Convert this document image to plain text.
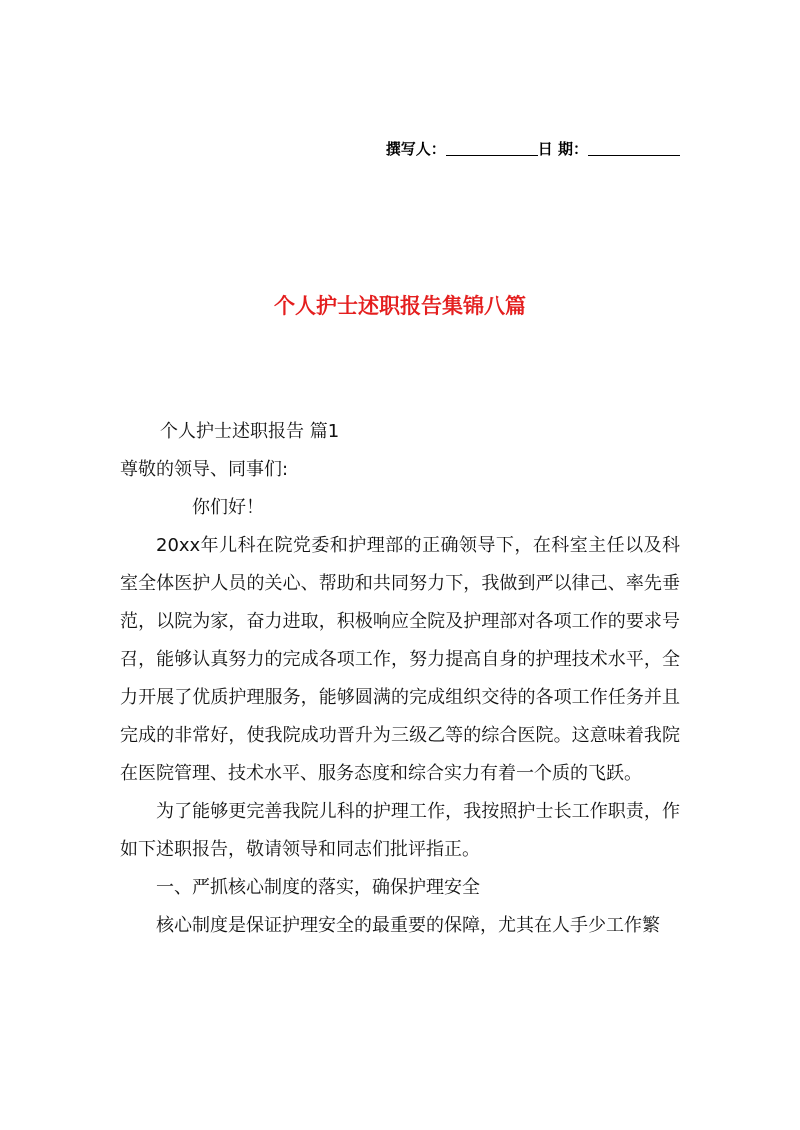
撰写人：	日 期：
个人护士述职报告集锦八篇

个人护士述职报告 篇1

尊敬的领导、同事们:

你们好！

20xx年儿科在院党委和护理部的正确领导下，在科室主任以及科室全体医护人员的关心、帮助和共同努力下，我做到严以律己、率先垂范，以院为家，奋力进取，积极响应全院及护理部对各项工作的要求号召，能够认真努力的完成各项工作，努力提高自身的护理技术水平，全力开展了优质护理服务，能够圆满的完成组织交待的各项工作任务并且完成的非常好，使我院成功晋升为三级乙等的综合医院。这意味着我院在医院管理、技术水平、服务态度和综合实力有着一个质的飞跃。

为了能够更完善我院儿科的护理工作，我按照护士长工作职责，作如下述职报告，敬请领导和同志们批评指正。

一、严抓核心制度的落实，确保护理安全

核心制度是保证护理安全的最重要的保障，尤其在人手少工作繁
